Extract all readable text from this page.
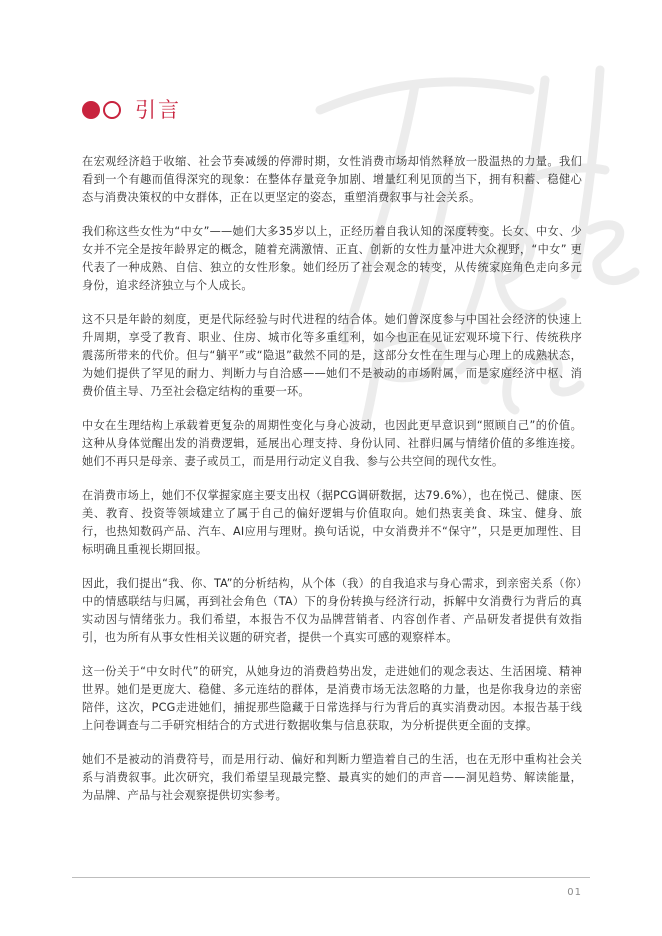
引言

在宏观经济趋于收缩、社会节奏减缓的停滞时期，女性消费市场却悄然释放一股温热的力量。我们看到一个有趣而值得深究的现象：在整体存量竞争加剧、增量红利见顶的当下，拥有积蓄、稳健心态与消费决策权的中女群体，正在以更坚定的姿态，重塑消费叙事与社会关系。

我们称这些女性为“中女”——她们大多35岁以上，正经历着自我认知的深度转变。长女、中女、少女并不完全是按年龄界定的概念，随着充满激情、正直、创新的女性力量冲进大众视野，“中女” 更代表了一种成熟、自信、独立的女性形象。她们经历了社会观念的转变，从传统家庭角色走向多元身份，追求经济独立与个人成长。

这不只是年龄的刻度，更是代际经验与时代进程的结合体。她们曾深度参与中国社会经济的快速上升周期，享受了教育、职业、住房、城市化等多重红利，如今也正在见证宏观环境下行、传统秩序震荡所带来的代价。但与“躺平”或“隐退”截然不同的是，这部分女性在生理与心理上的成熟状态，为她们提供了罕见的耐力、判断力与自洽感——她们不是被动的市场附属，而是家庭经济中枢、消费价值主导、乃至社会稳定结构的重要一环。

中女在生理结构上承载着更复杂的周期性变化与身心波动，也因此更早意识到“照顾自己”的价值。这种从身体觉醒出发的消费逻辑，延展出心理支持、身份认同、社群归属与情绪价值的多维连接。她们不再只是母亲、妻子或员工，而是用行动定义自我、参与公共空间的现代女性。

在消费市场上，她们不仅掌握家庭主要支出权（据PCG调研数据，达79.6%），也在悦己、健康、医美、教育、投资等领域建立了属于自己的偏好逻辑与价值取向。她们热衷美食、珠宝、健身、旅行，也热知数码产品、汽车、AI应用与理财。换句话说，中女消费并不“保守”，只是更加理性、目标明确且重视长期回报。

因此，我们提出“我、你、TA”的分析结构，从个体（我）的自我追求与身心需求，到亲密关系（你）中的情感联结与归属，再到社会角色（TA）下的身份转换与经济行动，拆解中女消费行为背后的真实动因与情绪张力。我们希望，本报告不仅为品牌营销者、内容创作者、产品研发者提供有效指引，也为所有从事女性相关议题的研究者，提供一个真实可感的观察样本。

这一份关于“中女时代”的研究，从她身边的消费趋势出发，走进她们的观念表达、生活困境、精神世界。她们是更庞大、稳健、多元连结的群体，是消费市场无法忽略的力量，也是你我身边的亲密陪伴，这次，PCG走进她们，捕捉那些隐藏于日常选择与行为背后的真实消费动因。本报告基于线上问卷调查与二手研究相结合的方式进行数据收集与信息获取，为分析提供更全面的支撑。

她们不是被动的消费符号，而是用行动、偏好和判断力塑造着自己的生活，也在无形中重构社会关系与消费叙事。此次研究，我们希望呈现最完整、最真实的她们的声音——洞见趋势、解读能量，为品牌、产品与社会观察提供切实参考。

01
